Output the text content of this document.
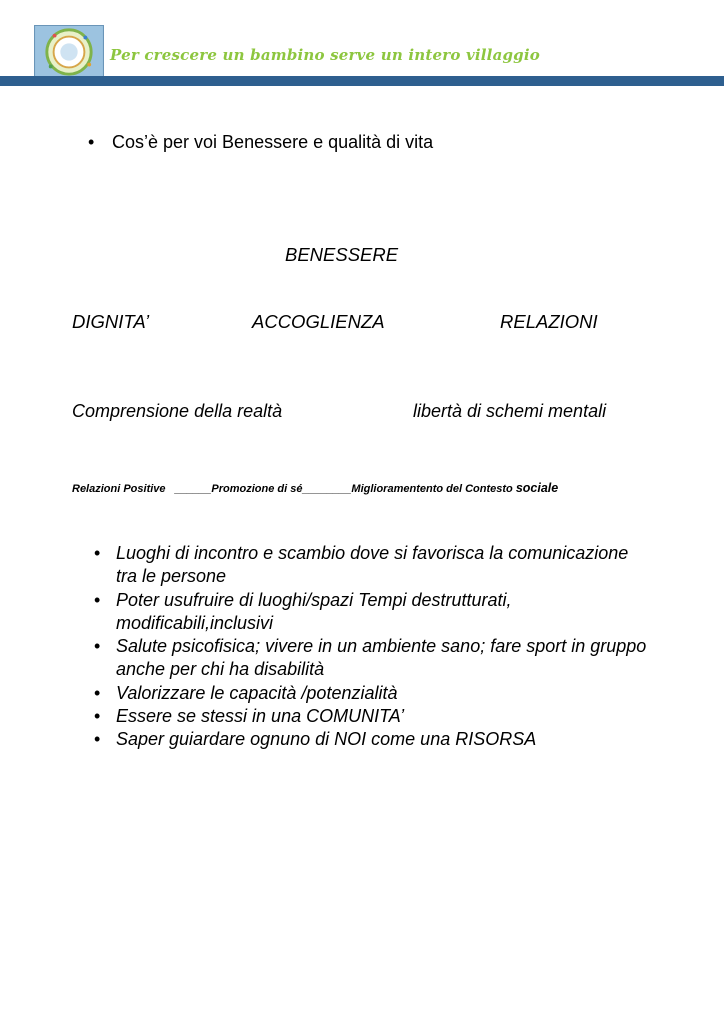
Per crescere un bambino serve un intero villaggio
• Cos’è per voi Benessere e qualità di vita
BENESSERE
DIGNITA’	ACCOGLIENZA	RELAZIONI
Comprensione della realtà	libertà di schemi mentali
Relazioni Positive   ______Promozione di sé________Miglioramentento del Contesto sociale
• Luoghi di incontro e scambio dove si favorisca la comunicazione tra le persone
• Poter usufruire di luoghi/spazi Tempi destrutturati, modificabili,inclusivi
• Salute psicofisica; vivere in un ambiente sano; fare sport in gruppo anche per chi ha disabilità
• Valorizzare le capacità /potenzialità
• Essere se stessi in una COMUNITA’
• Saper guiardare ognuno di NOI come una RISORSA
